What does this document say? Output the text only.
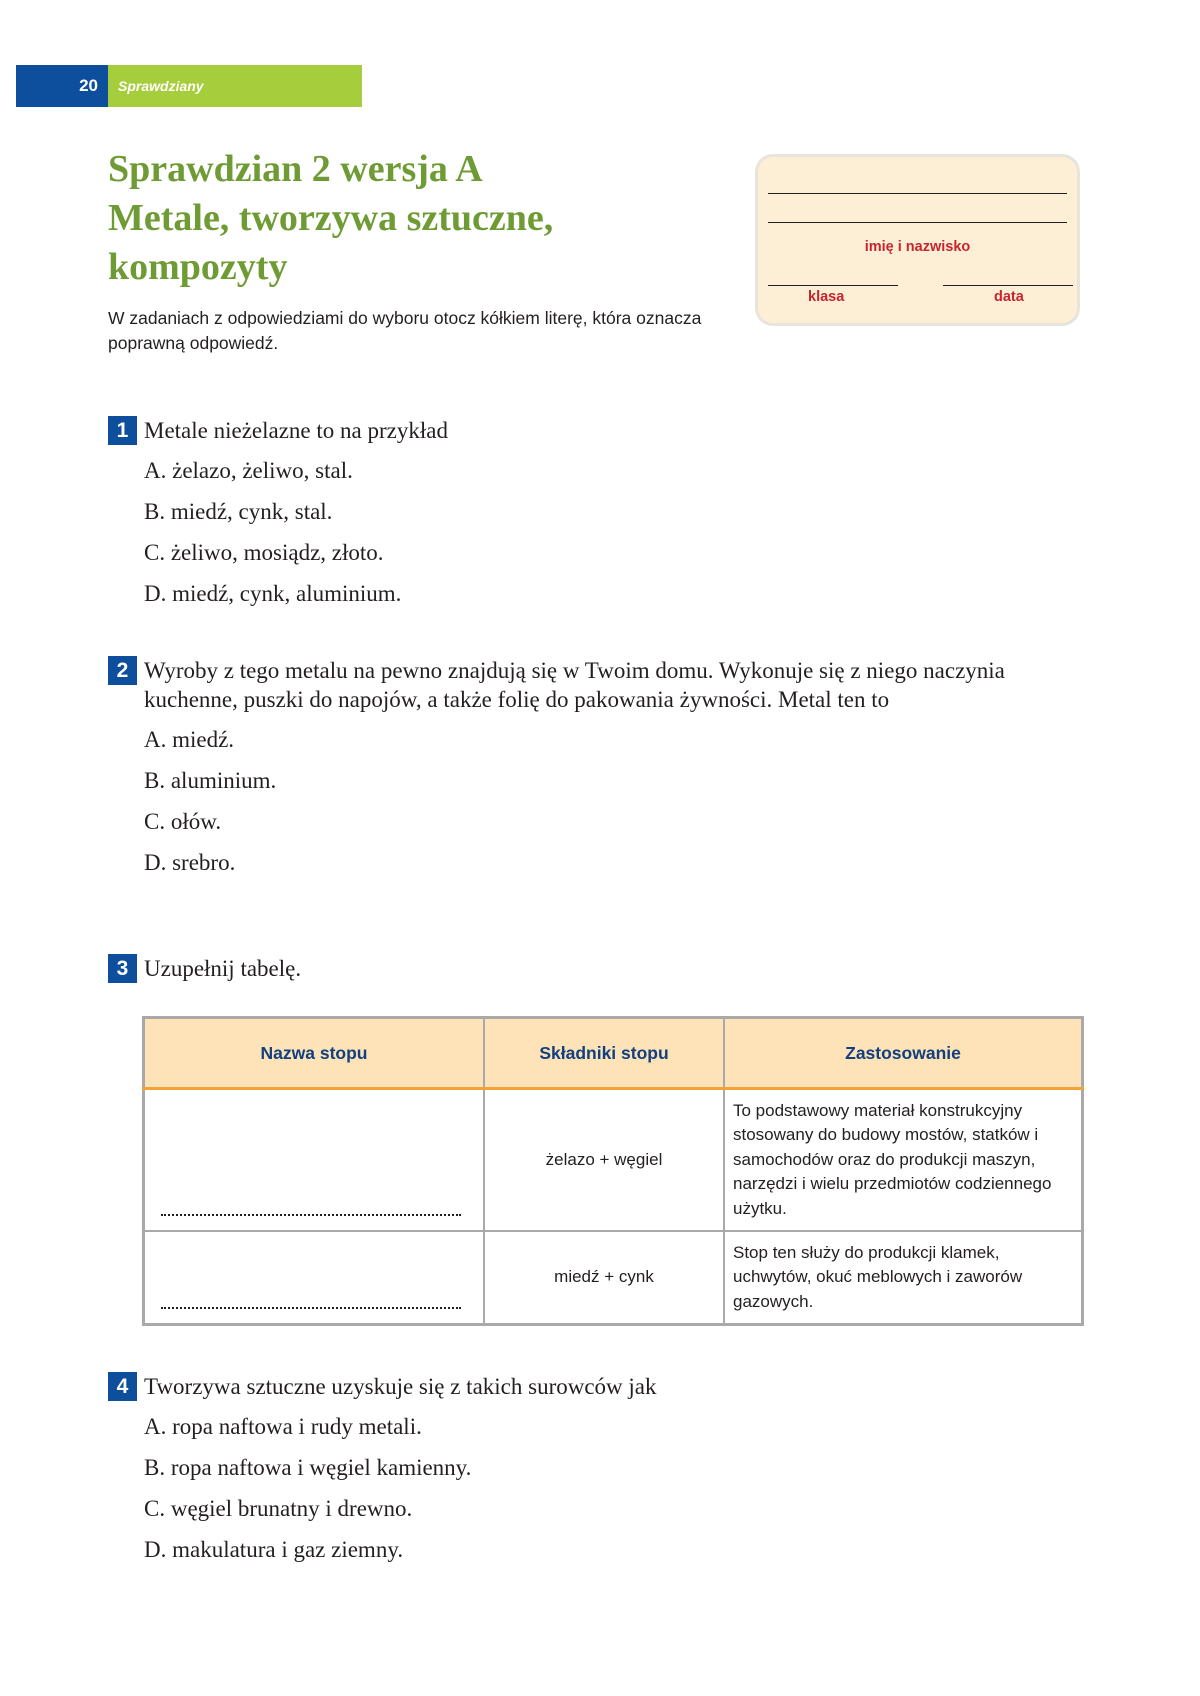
20	Sprawdziany
Sprawdzian 2 wersja A
Metale, tworzywa sztuczne,
kompozyty

W zadaniach z odpowiedziami do wyboru otocz kółkiem literę, która oznacza poprawną odpowiedź.

imię i nazwisko
klasa	data
1 Metale nieżelazne to na przykład
A. żelazo, żeliwo, stal.
B. miedź, cynk, stal.
C. żeliwo, mosiądz, złoto.
D. miedź, cynk, aluminium.
2 Wyroby z tego metalu na pewno znajdują się w Twoim domu. Wykonuje się z niego naczynia kuchenne, puszki do napojów, a także folię do pakowania żywności. Metal ten to
A. miedź.
B. aluminium.
C. ołów.
D. srebro.
3 Uzupełnij tabelę.
Nazwa stopu	Składniki stopu	Zastosowanie

	żelazo + węgiel	To podstawowy materiał konstrukcyjny stosowany do budowy mostów, statków i samochodów oraz do produkcji maszyn, narzędzi i wielu przedmiotów codziennego użytku.

	miedź + cynk	Stop ten służy do produkcji klamek, uchwytów, okuć meblowych i zaworów gazowych.
4 Tworzywa sztuczne uzyskuje się z takich surowców jak
A. ropa naftowa i rudy metali.
B. ropa naftowa i węgiel kamienny.
C. węgiel brunatny i drewno.
D. makulatura i gaz ziemny.
